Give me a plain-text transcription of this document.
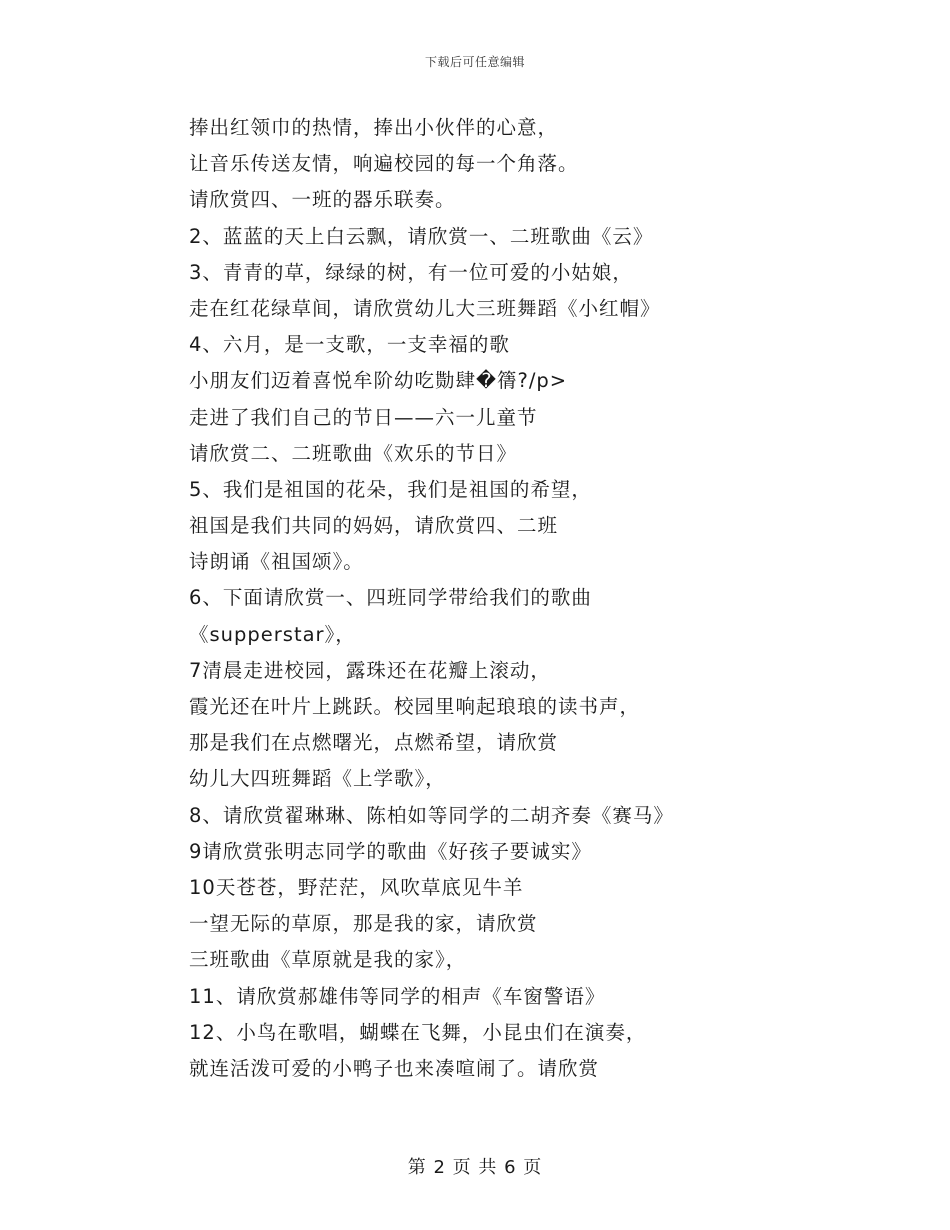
下载后可任意编辑
捧出红领巾的热情，捧出小伙伴的心意，
让音乐传送友情，响遍校园的每一个角落。
请欣赏四、一班的器乐联奏。
2、蓝蓝的天上白云飘，请欣赏一、二班歌曲《云》
3、青青的草，绿绿的树，有一位可爱的小姑娘，
走在红花绿草间，请欣赏幼儿大三班舞蹈《小红帽》
4、六月，是一支歌，一支幸福的歌
小朋友们迈着喜悦牟阶幼吃勚肆�篟?/p>
走进了我们自己的节日——六一儿童节
请欣赏二、二班歌曲《欢乐的节日》
5、我们是祖国的花朵，我们是祖国的希望，
祖国是我们共同的妈妈，请欣赏四、二班
诗朗诵《祖国颂》。
6、下面请欣赏一、四班同学带给我们的歌曲
《supperstar》，
7清晨走进校园，露珠还在花瓣上滚动，
霞光还在叶片上跳跃。校园里响起琅琅的读书声，
那是我们在点燃曙光，点燃希望，请欣赏
幼儿大四班舞蹈《上学歌》，
8、请欣赏翟琳琳、陈柏如等同学的二胡齐奏《赛马》
9请欣赏张明志同学的歌曲《好孩子要诚实》
10天苍苍，野茫茫，风吹草底见牛羊
一望无际的草原，那是我的家，请欣赏
三班歌曲《草原就是我的家》，
11、请欣赏郝雄伟等同学的相声《车窗警语》
12、小鸟在歌唱，蝴蝶在飞舞，小昆虫们在演奏，
就连活泼可爱的小鸭子也来凑喧闹了。请欣赏
第 2 页 共 6 页
